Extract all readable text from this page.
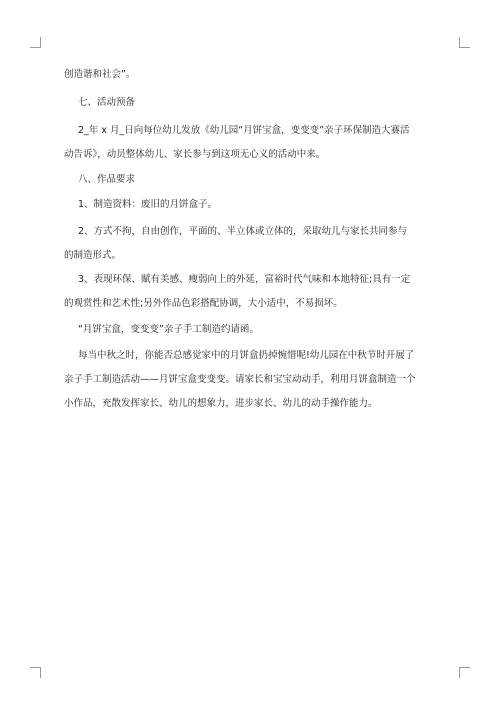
创造谐和社会”。
七、活动预备
2_年 x 月_日向每位幼儿发放《幼儿园“月饼宝盒，变变变”亲子环保制造大赛活
动告诉》，动员整体幼儿、家长参与到这项无心义的活动中来。
八、作品要求
1、制造资料：废旧的月饼盒子。
2、方式不拘，自由创作，平面的、半立体或立体的，采取幼儿与家长共同参与
的制造形式。
3、表现环保、赋有美感、瘦弱向上的外延，富裕时代气味和本地特征;具有一定
的观赏性和艺术性;另外作品色彩搭配协调，大小适中，不易损坏。
“月饼宝盒，变变变”亲子手工制造约请函。
每当中秋之时，你能否总感觉家中的月饼盒扔掉惋惜呢!幼儿园在中秋节时开展了
亲子手工制造活动——月饼宝盒变变变。请家长和宝宝动动手，利用月饼盒制造一个
小作品，充散发挥家长、幼儿的想象力，进步家长、幼儿的动手操作能力。
